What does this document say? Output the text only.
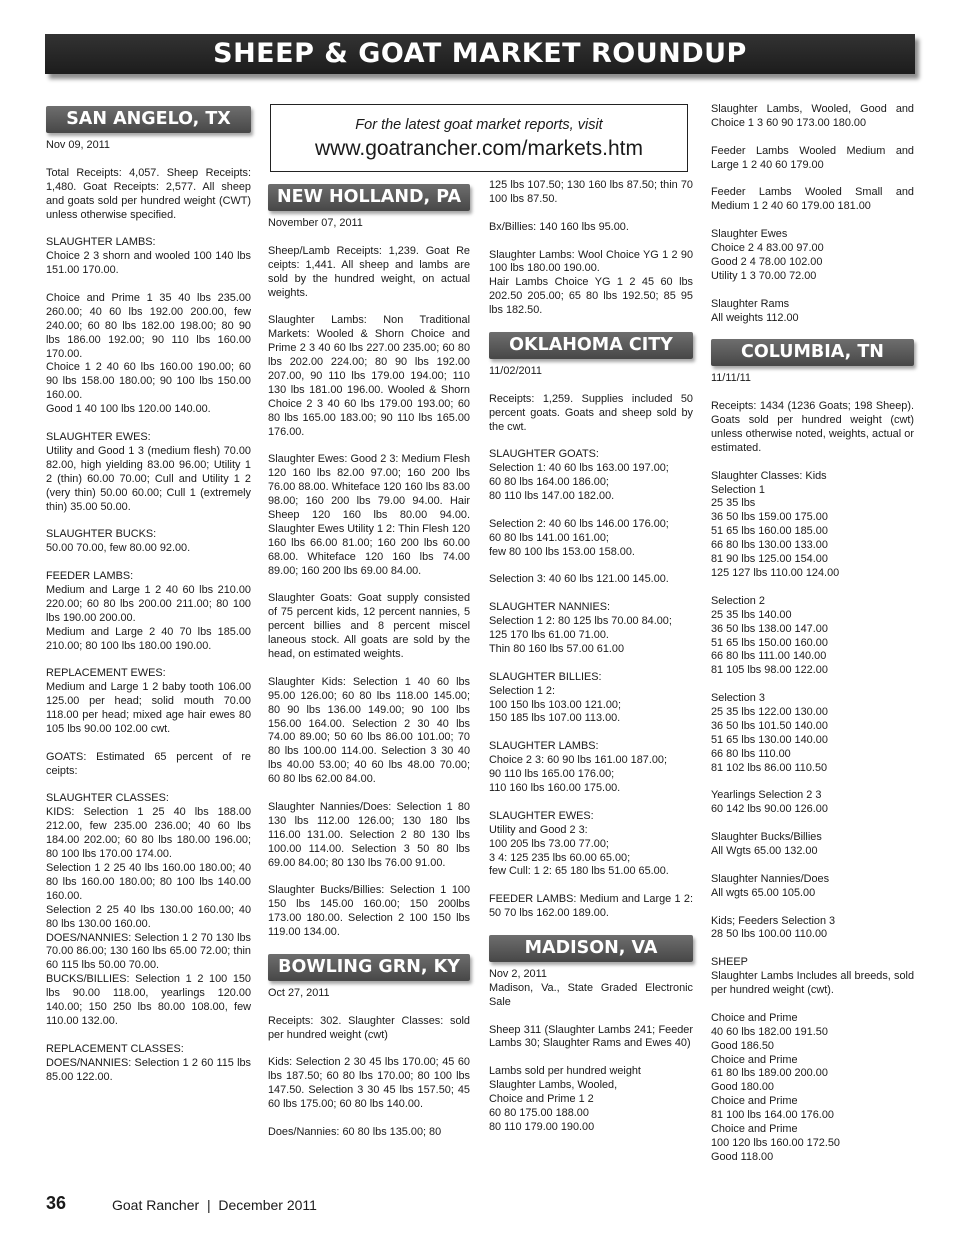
SHEEP & GOAT MARKET ROUNDUP
SAN ANGELO, TX

Nov 09, 2011

Total Receipts: 4,057. Sheep Receipts: 1,480. Goat Receipts: 2,577. All sheep and goats sold per hundred weight (CWT) unless otherwise specified.

SLAUGHTER LAMBS:
Choice 2 3 shorn and wooled 100 140 lbs 151.00 170.00.

Choice and Prime 1 35 40 lbs 235.00 260.00; 40 60 lbs 192.00 200.00, few 240.00; 60 80 lbs 182.00 198.00; 80 90 lbs 186.00 192.00; 90 110 lbs 160.00 170.00.
Choice 1 2 40 60 lbs 160.00 190.00; 60 90 lbs 158.00 180.00; 90 100 lbs 150.00 160.00.
Good 1 40 100 lbs 120.00 140.00.

SLAUGHTER EWES:
Utility and Good 1 3 (medium flesh) 70.00 82.00, high yielding 83.00 96.00; Utility 1 2 (thin) 60.00 70.00; Cull and Utility 1 2 (very thin) 50.00 60.00; Cull 1 (extremely thin) 35.00 50.00.

SLAUGHTER BUCKS:
50.00 70.00, few 80.00 92.00.

FEEDER LAMBS:
Medium and Large 1 2 40 60 lbs 210.00 220.00; 60 80 lbs 200.00 211.00; 80 100 lbs 190.00 200.00.
Medium and Large 2 40 70 lbs 185.00 210.00; 80 100 lbs 180.00 190.00.

REPLACEMENT EWES:
Medium and Large 1 2 baby tooth 106.00 125.00 per head; solid mouth 70.00 118.00 per head; mixed age hair ewes 80 105 lbs 90.00 102.00 cwt.

GOATS: Estimated 65 percent of re ceipts:

SLAUGHTER CLASSES:
KIDS: Selection 1 25 40 lbs 188.00 212.00, few 235.00 236.00; 40 60 lbs 184.00 202.00; 60 80 lbs 180.00 196.00; 80 100 lbs 170.00 174.00.
Selection 1 2 25 40 lbs 160.00 180.00; 40 80 lbs 160.00 180.00; 80 100 lbs 140.00 160.00.
Selection 2 25 40 lbs 130.00 160.00; 40 80 lbs 130.00 160.00.
DOES/NANNIES: Selection 1 2 70 130 lbs 70.00 86.00; 130 160 lbs 65.00 72.00; thin 60 115 lbs 50.00 70.00.
BUCKS/BILLIES: Selection 1 2 100 150 lbs 90.00 118.00, yearlings 120.00 140.00; 150 250 lbs 80.00 108.00, few 110.00 132.00.

REPLACEMENT CLASSES:
DOES/NANNIES: Selection 1 2 60 115 lbs 85.00 122.00.

For the latest goat market reports, visit
www.goatrancher.com/markets.htm
NEW HOLLAND, PA

November 07, 2011

Sheep/Lamb Receipts: 1,239. Goat Re ceipts: 1,441. All sheep and lambs are sold by the hundred weight, on actual weights.

Slaughter Lambs: Non Traditional Markets: Wooled & Shorn Choice and Prime 2 3 40 60 lbs 227.00 235.00; 60 80 lbs 202.00 224.00; 80 90 lbs 192.00 207.00, 90 110 lbs 179.00 194.00; 110 130 lbs 181.00 196.00. Wooled & Shorn Choice 2 3 40 60 lbs 179.00 193.00; 60 80 lbs 165.00 183.00; 90 110 lbs 165.00 176.00.

Slaughter Ewes: Good 2 3: Medium Flesh 120 160 lbs 82.00 97.00; 160 200 lbs 76.00 88.00. Whiteface 120 160 lbs 83.00 98.00; 160 200 lbs 79.00 94.00. Hair Sheep 120 160 lbs 80.00 94.00. Slaughter Ewes Utility 1 2: Thin Flesh 120 160 lbs 66.00 81.00; 160 200 lbs 60.00 68.00. Whiteface 120 160 lbs 74.00 89.00; 160 200 lbs 69.00 84.00.

Slaughter Goats: Goat supply consisted of 75 percent kids, 12 percent nannies, 5 percent billies and 8 percent miscel laneous stock. All goats are sold by the head, on estimated weights.

Slaughter Kids: Selection 1 40 60 lbs 95.00 126.00; 60 80 lbs 118.00 145.00; 80 90 lbs 136.00 149.00; 90 100 lbs 156.00 164.00. Selection 2 30 40 lbs 74.00 89.00; 50 60 lbs 86.00 101.00; 70 80 lbs 100.00 114.00. Selection 3 30 40 lbs 40.00 53.00; 40 60 lbs 48.00 70.00; 60 80 lbs 62.00 84.00.

Slaughter Nannies/Does: Selection 1 80 130 lbs 112.00 126.00; 130 180 lbs 116.00 131.00. Selection 2 80 130 lbs 100.00 114.00. Selection 3 50 80 lbs 69.00 84.00; 80 130 lbs 76.00 91.00.

Slaughter Bucks/Billies: Selection 1 100 150 lbs 145.00 160.00; 150 200lbs 173.00 180.00. Selection 2 100 150 lbs 119.00 134.00.

BOWLING GRN, KY

Oct 27, 2011

Receipts: 302. Slaughter Classes: sold per hundred weight (cwt)

Kids: Selection 2 30 45 lbs 170.00; 45 60 lbs 187.50; 60 80 lbs 170.00; 80 100 lbs 147.50. Selection 3 30 45 lbs 157.50; 45 60 lbs 175.00; 60 80 lbs 140.00.

Does/Nannies: 60 80 lbs 135.00; 80

125 lbs 107.50; 130 160 lbs 87.50; thin 70 100 lbs 87.50.

Bx/Billies: 140 160 lbs 95.00.

Slaughter Lambs: Wool Choice YG 1 2 90 100 lbs 180.00 190.00.
Hair Lambs Choice YG 1 2 45 60 lbs 202.50 205.00; 65 80 lbs 192.50; 85 95 lbs 182.50.

OKLAHOMA CITY

11/02/2011

Receipts: 1,259. Supplies included 50 percent goats. Goats and sheep sold by the cwt.

SLAUGHTER GOATS:
Selection 1: 40 60 lbs 163.00 197.00;
60 80 lbs 164.00 186.00;
80 110 lbs 147.00 182.00.

Selection 2: 40 60 lbs 146.00 176.00;
60 80 lbs 141.00 161.00;
few 80 100 lbs 153.00 158.00.

Selection 3: 40 60 lbs 121.00 145.00.

SLAUGHTER NANNIES:
Selection 1 2: 80 125 lbs 70.00 84.00;
125 170 lbs 61.00 71.00.
Thin 80 160 lbs 57.00 61.00

SLAUGHTER BILLIES:
Selection 1 2:
100 150 lbs 103.00 121.00;
150 185 lbs 107.00 113.00.

SLAUGHTER LAMBS:
Choice 2 3: 60 90 lbs 161.00 187.00;
90 110 lbs 165.00 176.00;
110 160 lbs 160.00 175.00.

SLAUGHTER EWES:
Utility and Good 2 3:
100 205 lbs 73.00 77.00;
3 4: 125 235 lbs 60.00 65.00;
few Cull: 1 2: 65 180 lbs 51.00 65.00.

FEEDER LAMBS: Medium and Large 1 2: 50 70 lbs 162.00 189.00.

MADISON, VA

Nov 2, 2011
Madison, Va., State Graded Electronic Sale

Sheep 311 (Slaughter Lambs 241; Feeder Lambs 30; Slaughter Rams and Ewes 40)

Lambs sold per hundred weight
Slaughter Lambs, Wooled,
Choice and Prime 1 2
60 80 175.00 188.00
80 110 179.00 190.00

Slaughter Lambs, Wooled, Good and Choice 1 3 60 90 173.00 180.00

Feeder Lambs Wooled Medium and Large 1 2 40 60 179.00

Feeder Lambs Wooled Small and Medium 1 2 40 60 179.00 181.00

Slaughter Ewes
Choice 2 4 83.00 97.00
Good 2 4 78.00 102.00
Utility 1 3 70.00 72.00

Slaughter Rams
All weights 112.00

COLUMBIA, TN

11/11/11

Receipts: 1434 (1236 Goats; 198 Sheep). Goats sold per hundred weight (cwt) unless otherwise noted, weights, actual or estimated.

Slaughter Classes: Kids
Selection 1
25 35 lbs
36 50 lbs 159.00 175.00
51 65 lbs 160.00 185.00
66 80 lbs 130.00 133.00
81 90 lbs 125.00 154.00
125 127 lbs 110.00 124.00

Selection 2
25 35 lbs 140.00
36 50 lbs 138.00 147.00
51 65 lbs 150.00 160.00
66 80 lbs 111.00 140.00
81 105 lbs 98.00 122.00

Selection 3
25 35 lbs 122.00 130.00
36 50 lbs 101.50 140.00
51 65 lbs 130.00 140.00
66 80 lbs 110.00
81 102 lbs 86.00 110.50

Yearlings Selection 2 3
60 142 lbs 90.00 126.00

Slaughter Bucks/Billies
All Wgts 65.00 132.00

Slaughter Nannies/Does
All wgts 65.00 105.00

Kids; Feeders Selection 3
28 50 lbs 100.00 110.00

SHEEP
Slaughter Lambs Includes all breeds, sold per hundred weight (cwt).

Choice and Prime
40 60 lbs 182.00 191.50
Good 186.50
Choice and Prime
61 80 lbs 189.00 200.00
Good 180.00
Choice and Prime
81 100 lbs 164.00 176.00
Choice and Prime
100 120 lbs 160.00 172.50
Good 118.00

36	Goat Rancher  |  December 2011
